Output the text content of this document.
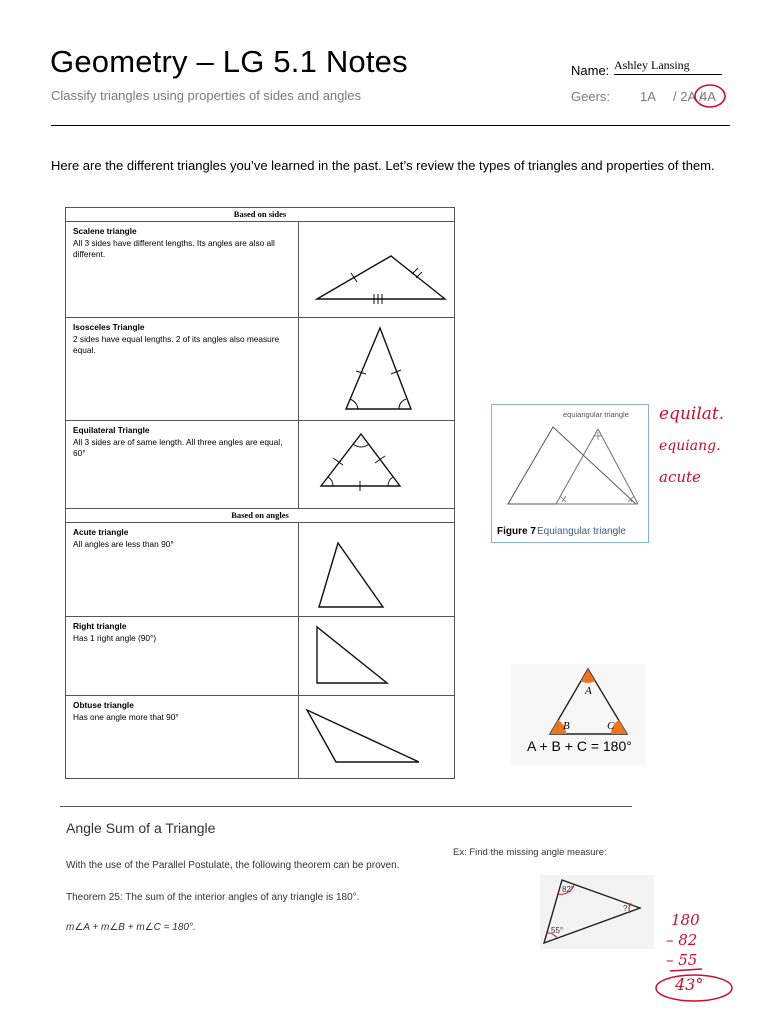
Geometry – LG 5.1 Notes
Classify triangles using properties of sides and angles
Name: Ashley Lansing
Geers: 1A / 2A /
4A
Here are the different triangles you’ve learned in the past. Let’s review the types of triangles and properties of them.
Based on sides
Scalene triangle
All 3 sides have different lengths. Its angles are also all different.
Isosceles Triangle
2 sides have equal lengths. 2 of its angles also measure equal.
Equilateral Triangle
All 3 sides are of same length. All three angles are equal, 60°
Based on angles
Acute triangle
All angles are less than 90°
Right triangle
Has 1 right angle (90°)
Obtuse triangle
Has one angle more that 90°
equiangular triangle
Figure 7 Equiangular triangle
equilat.
equiang.
acute
A
B	C
A + B + C = 180°
Angle Sum of a Triangle
With the use of the Parallel Postulate, the following theorem can be proven.
Theorem 25: The sum of the interior angles of any triangle is 180°.
m∠A + m∠B + m∠C = 180°.
Ex: Find the missing angle measure:
82°
55°
?
180
– 82
– 55
43°
